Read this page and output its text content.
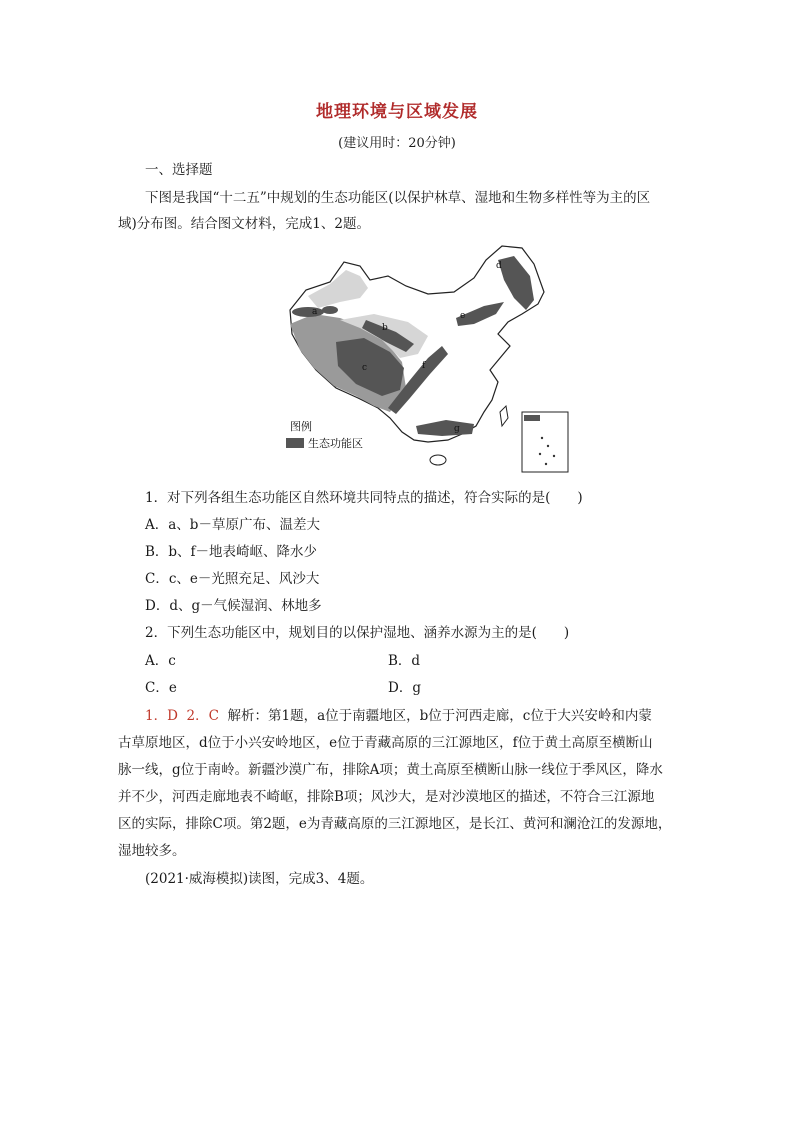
地理环境与区域发展
(建议用时：20分钟)
一、选择题
下图是我国“十二五”中规划的生态功能区(以保护林草、湿地和生物多样性等为主的区
域)分布图。结合图文材料，完成1、2题。
a
b
c
d
e
f
g
图例
生态功能区
1．对下列各组生态功能区自然环境共同特点的描述，符合实际的是(　　)
A．a、b－草原广布、温差大
B．b、f－地表崎岖、降水少
C．c、e－光照充足、风沙大
D．d、g－气候湿润、林地多
2．下列生态功能区中，规划目的以保护湿地、涵养水源为主的是(　　)
A．c	B．d
C．e	D．g
1．D 2．C 解析：第1题，a位于南疆地区，b位于河西走廊，c位于大兴安岭和内蒙
古草原地区，d位于小兴安岭地区，e位于青藏高原的三江源地区，f位于黄土高原至横断山
脉一线，g位于南岭。新疆沙漠广布，排除A项；黄土高原至横断山脉一线位于季风区，降水
并不少，河西走廊地表不崎岖，排除B项；风沙大，是对沙漠地区的描述，不符合三江源地
区的实际，排除C项。第2题，e为青藏高原的三江源地区，是长江、黄河和澜沧江的发源地，
湿地较多。
(2021·威海模拟)读图，完成3、4题。
